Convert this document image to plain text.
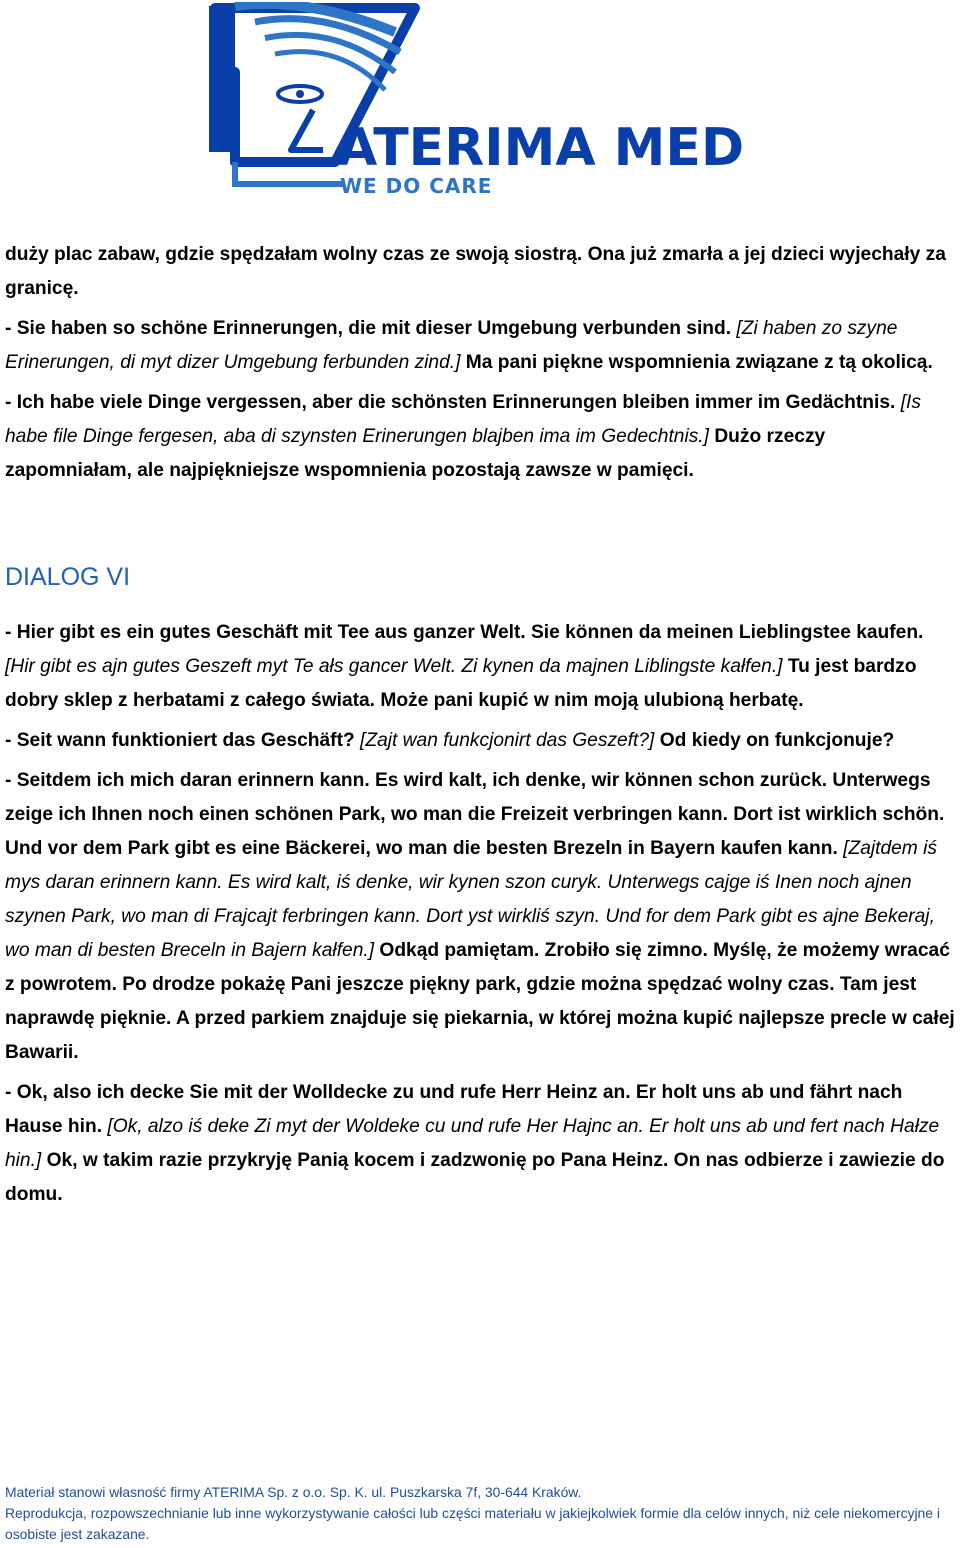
ATERIMA MED
WE DO CARE

duży plac zabaw, gdzie spędzałam wolny czas ze swoją siostrą. Ona już zmarła a jej dzieci wyjechały za granicę.

- Sie haben so schöne Erinnerungen, die mit dieser Umgebung verbunden sind. [Zi haben zo szyne Erinerungen, di myt dizer Umgebung ferbunden zind.] Ma pani piękne wspomnienia związane z tą okolicą.

- Ich habe viele Dinge vergessen, aber die schönsten Erinnerungen bleiben immer im Gedächtnis. [Is habe file Dinge fergesen, aba di szynsten Erinerungen blajben ima im Gedechtnis.] Dużo rzeczy zapomniałam, ale najpiękniejsze wspomnienia pozostają zawsze w pamięci.

DIALOG VI

- Hier gibt es ein gutes Geschäft mit Tee aus ganzer Welt. Sie können da meinen Lieblingstee kaufen. [Hir gibt es ajn gutes Geszeft myt Te ałs gancer Welt. Zi kynen da majnen Liblingste kałfen.] Tu jest bardzo dobry sklep z herbatami z całego świata. Może pani kupić w nim moją ulubioną herbatę.

- Seit wann funktioniert das Geschäft? [Zajt wan funkcjonirt das Geszeft?] Od kiedy on funkcjonuje?

- Seitdem ich mich daran erinnern kann. Es wird kalt, ich denke, wir können schon zurück. Unterwegs zeige ich Ihnen noch einen schönen Park, wo man die Freizeit verbringen kann. Dort ist wirklich schön. Und vor dem Park gibt es eine Bäckerei, wo man die besten Brezeln in Bayern kaufen kann. [Zajtdem iś mys daran erinnern kann. Es wird kalt, iś denke, wir kynen szon curyk. Unterwegs cajge iś Inen noch ajnen szynen Park, wo man di Frajcajt ferbringen kann. Dort yst wirkliś szyn. Und for dem Park gibt es ajne Bekeraj, wo man di besten Breceln in Bajern kałfen.] Odkąd pamiętam. Zrobiło się zimno. Myślę, że możemy wracać z powrotem. Po drodze pokażę Pani jeszcze piękny park, gdzie można spędzać wolny czas. Tam jest naprawdę pięknie. A przed parkiem znajduje się piekarnia, w której można kupić najlepsze precle w całej Bawarii.

- Ok, also ich decke Sie mit der Wolldecke zu und rufe Herr Heinz an. Er holt uns ab und fährt nach Hause hin. [Ok, alzo iś deke Zi myt der Woldeke cu und rufe Her Hajnc an. Er holt uns ab und fert nach Hałze hin.] Ok, w takim razie przykryję Panią kocem i zadzwonię po Pana Heinz. On nas odbierze i zawiezie do domu.

Materiał stanowi własność firmy ATERIMA Sp. z o.o. Sp. K. ul. Puszkarska 7f, 30-644 Kraków.

Reprodukcja, rozpowszechnianie lub inne wykorzystywanie całości lub części materiału w jakiejkolwiek formie dla celów innych, niż cele niekomercyjne i osobiste jest zakazane.
